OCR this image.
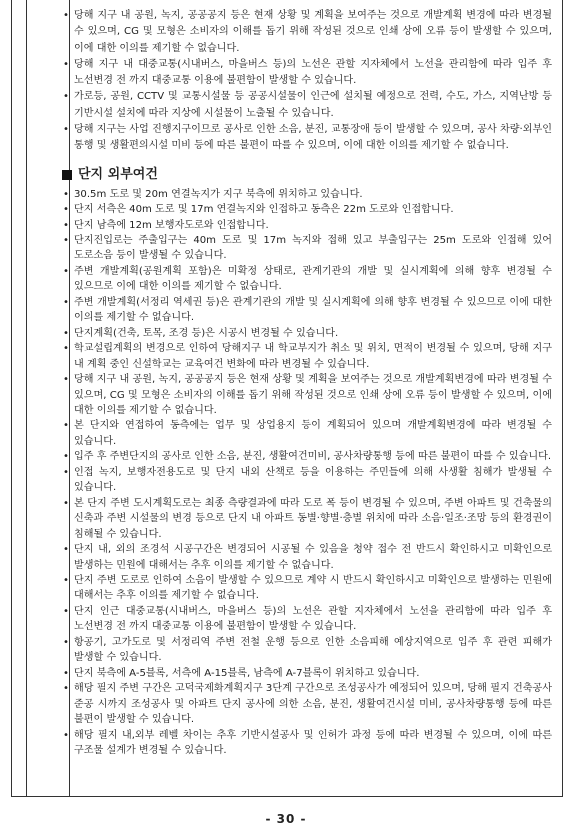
• 당해 지구 내 공원, 녹지, 공공공지 등은 현재 상황 및 계획을 보여주는 것으로 개발계획 변경에 따라 변경될 수 있으며, CG 및 모형은 소비자의 이해를 돕기 위해 작성된 것으로 인쇄 상에 오류 등이 발생할 수 있으며, 이에 대한 이의를 제기할 수 없습니다.
• 당해 지구 내 대중교통(시내버스, 마을버스 등)의 노선은 관할 지자체에서 노선을 관리함에 따라 입주 후 노선변경 전 까지 대중교통 이용에 불편함이 발생할 수 있습니다.
• 가로등, 공원, CCTV 및 교통시설물 등 공공시설물이 인근에 설치될 예정으로 전력, 수도, 가스, 지역난방 등 기반시설 설치에 따라 지상에 시설물이 노출될 수 있습니다.
• 당해 지구는 사업 진행지구이므로 공사로 인한 소음, 분진, 교통장애 등이 발생할 수 있으며, 공사 차량·외부인 통행 및 생활편의시설 미비 등에 따른 불편이 따를 수 있으며, 이에 대한 이의를 제기할 수 없습니다.
단지 외부여건
• 30.5m 도로 및 20m 연결녹지가 지구 북측에 위치하고 있습니다.
• 단지 서측은 40m 도로 및 17m 연결녹지와 인접하고 동측은 22m 도로와 인접합니다.
• 단지 남측에 12m 보행자도로와 인접합니다.
• 단지진입로는 주출입구는 40m 도로 및 17m 녹지와 접해 있고 부출입구는 25m 도로와 인접해 있어 도로소음 등이 발생될 수 있습니다.
• 주변 개발계획(공원계획 포함)은 미확정 상태로, 관계기관의 개발 및 실시계획에 의해 향후 변경될 수 있으므로 이에 대한 이의를 제기할 수 없습니다.
• 주변 개발계획(서정리 역세권 등)은 관계기관의 개발 및 실시계획에 의해 향후 변경될 수 있으므로 이에 대한 이의를 제기할 수 없습니다.
• 단지계획(건축, 토목, 조경 등)은 시공시 변경될 수 있습니다.
• 학교설립계획의 변경으로 인하여 당해지구 내 학교부지가 취소 및 위치, 면적이 변경될 수 있으며, 당해 지구 내 계획 중인 신설학교는 교육여건 변화에 따라 변경될 수 있습니다.
• 당해 지구 내 공원, 녹지, 공공공지 등은 현재 상황 및 계획을 보여주는 것으로 개발계획변경에 따라 변경될 수 있으며, CG 및 모형은 소비자의 이해를 돕기 위해 작성된 것으로 인쇄 상에 오류 등이 발생할 수 있으며, 이에 대한 이의를 제기할 수 없습니다.
• 본 단지와 연접하여 동측에는 업무 및 상업용지 등이 계획되어 있으며 개발계획변경에 따라 변경될 수 있습니다.
• 입주 후 주변단지의 공사로 인한 소음, 분진, 생활여건미비, 공사차량통행 등에 따른 불편이 따를 수 있습니다.
• 인접 녹지, 보행자전용도로 및 단지 내외 산책로 등을 이용하는 주민들에 의해 사생활 침해가 발생될 수 있습니다.
• 본 단지 주변 도시계획도로는 최종 측량결과에 따라 도로 폭 등이 변경될 수 있으며, 주변 아파트 및 건축물의 신축과 주변 시설물의 변경 등으로 단지 내 아파트 동별·향별·층별 위치에 따라 소음·일조·조망 등의 환경권이 침해될 수 있습니다.
• 단지 내, 외의 조경석 시공구간은 변경되어 시공될 수 있음을 청약 접수 전 반드시 확인하시고 미확인으로 발생하는 민원에 대해서는 추후 이의를 제기할 수 없습니다.
• 단지 주변 도로로 인하여 소음이 발생할 수 있으므로 계약 시 반드시 확인하시고 미확인으로 발생하는 민원에 대해서는 추후 이의를 제기할 수 없습니다.
• 단지 인근 대중교통(시내버스, 마을버스 등)의 노선은 관할 지자체에서 노선을 관리함에 따라 입주 후 노선변경 전 까지 대중교통 이용에 불편함이 발생할 수 있습니다.
• 항공기, 고가도로 및 서정리역 주변 전철 운행 등으로 인한 소음피해 예상지역으로 입주 후 관련 피해가 발생할 수 있습니다.
• 단지 북측에 A-5블록, 서측에 A-15블록, 남측에 A-7블록이 위치하고 있습니다.
• 해당 필지 주변 구간은 고덕국제화계획지구 3단계 구간으로 조성공사가 예정되어 있으며, 당해 필지 건축공사 준공 시까지 조성공사 및 아파트 단지 공사에 의한 소음, 분진, 생활여건시설 미비, 공사차량통행 등에 따른 불편이 발생할 수 있습니다.
• 해당 필지 내,외부 레벨 차이는 추후 기반시설공사 및 인허가 과정 등에 따라 변경될 수 있으며, 이에 따른 구조물 설계가 변경될 수 있습니다.
- 30 -
